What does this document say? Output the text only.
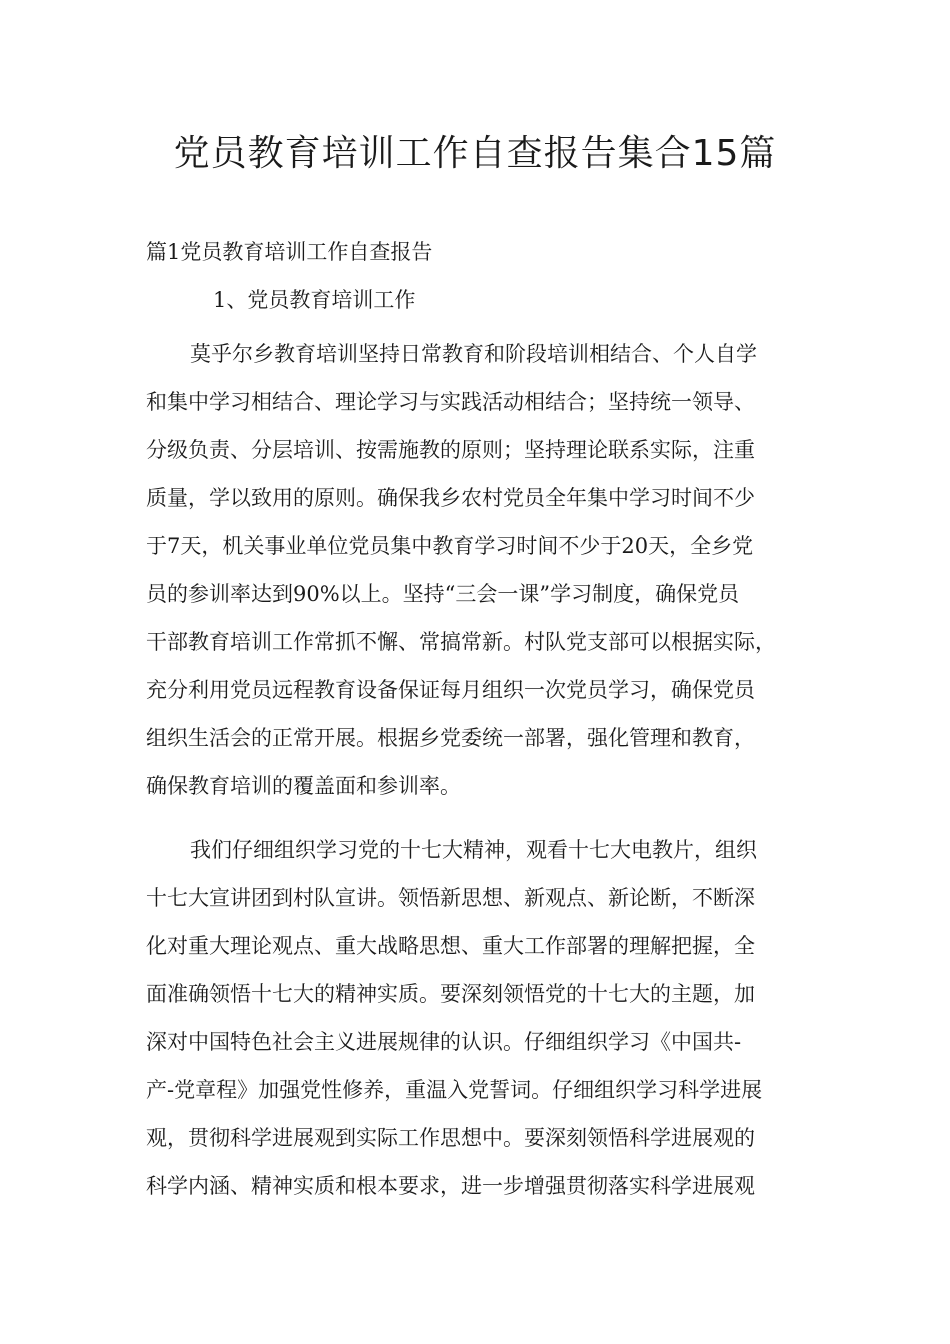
党员教育培训工作自查报告集合15篇
篇1党员教育培训工作自查报告
1、党员教育培训工作

莫乎尔乡教育培训坚持日常教育和阶段培训相结合、个人自学
和集中学习相结合、理论学习与实践活动相结合；坚持统一领导、
分级负责、分层培训、按需施教的原则；坚持理论联系实际，注重
质量，学以致用的原则。确保我乡农村党员全年集中学习时间不少
于7天，机关事业单位党员集中教育学习时间不少于20天，全乡党
员的参训率达到90%以上。坚持“三会一课”学习制度，确保党员
干部教育培训工作常抓不懈、常搞常新。村队党支部可以根据实际，
充分利用党员远程教育设备保证每月组织一次党员学习，确保党员
组织生活会的正常开展。根据乡党委统一部署，强化管理和教育，
确保教育培训的覆盖面和参训率。

我们仔细组织学习党的十七大精神，观看十七大电教片，组织
十七大宣讲团到村队宣讲。领悟新思想、新观点、新论断，不断深
化对重大理论观点、重大战略思想、重大工作部署的理解把握，全
面准确领悟十七大的精神实质。要深刻领悟党的十七大的主题，加
深对中国特色社会主义进展规律的认识。仔细组织学习《中国共-
产-党章程》加强党性修养，重温入党誓词。仔细组织学习科学进展
观，贯彻科学进展观到实际工作思想中。要深刻领悟科学进展观的
科学内涵、精神实质和根本要求，进一步增强贯彻落实科学进展观
